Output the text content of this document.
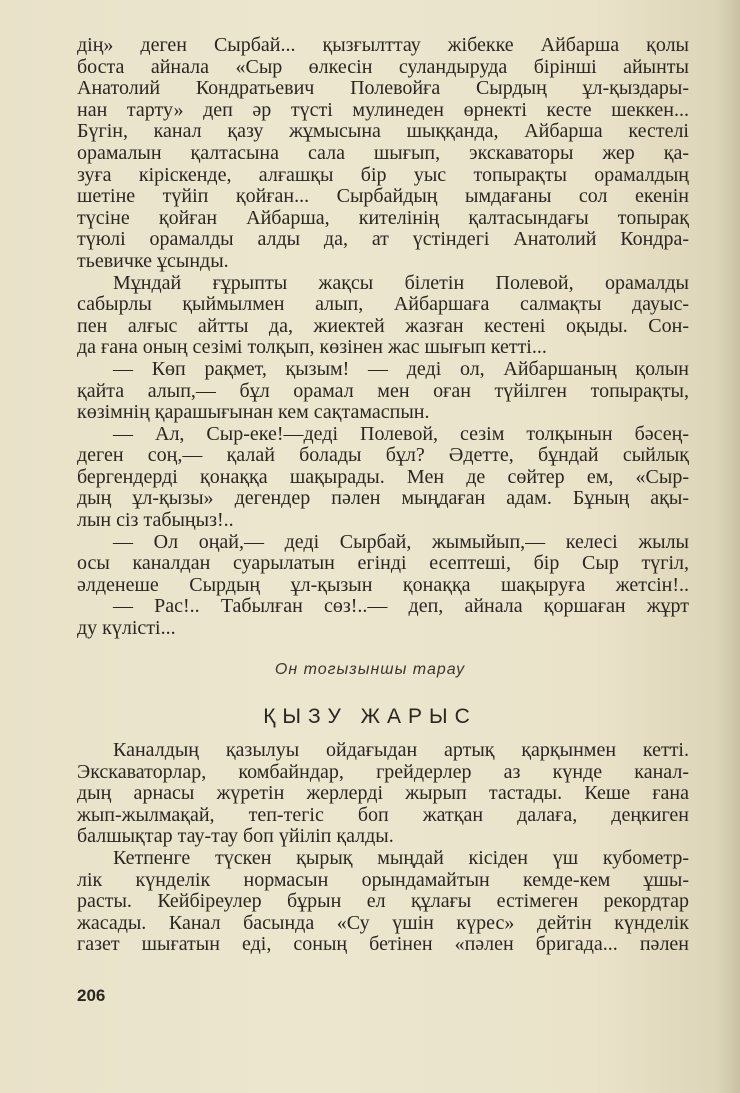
дің» деген Сырбай... қызғылттау жібекке Айбарша қолы
боста айнала «Сыр өлкесін суландыруда бірінші айынты
Анатолий Кондратьевич Полевойға Сырдың ұл-қыздары-
нан тарту» деп әр түсті мулинеден өрнекті кесте шеккен...
Бүгін, канал қазу жұмысына шыққанда, Айбарша кестелі
орамалын қалтасына сала шығып, экскаваторы жер қа-
зуға кірiскенде, алғашқы бір уыс топырақты орамалдың
шетіне түйіп қойған... Сырбайдың ымдағаны сол екенін
түсіне қойған Айбарша, кителінің қалтасындағы топырақ
түюлі орамалды алды да, ат үстіндегі Анатолий Кондра-
тьевичке ұсынды.
Мұндай ғұрыпты жақсы білетін Полевой, орамалды
сабырлы қыймылмен алып, Айбаршаға салмақты дауыс-
пен алғыс айтты да, жиектей жазған кестені оқыды. Сон-
да ғана оның сезімі толқып, көзінен жас шығып кетті...
— Көп рақмет, қызым! — деді ол, Айбаршаның қолын
қайта алып,— бұл орамал мен оған түйілген топырақты,
көзімнің қарашығынан кем сақтамаспын.
— Ал, Сыр-еке!—деді Полевой, сезім толқынын бәсең-
деген соң,— қалай болады бұл? Әдетте, бұндай сыйлық
бергендерді қонаққа шақырады. Мен де сөйтер ем, «Сыр-
дың ұл-қызы» дегендер пәлен мыңдаған адам. Бұның ақы-
лын сіз табыңыз!..
— Ол оңай,— деді Сырбай, жымыйып,— келесі жылы
осы каналдан суарылатын егінді есептеші, бір Сыр түгіл,
әлденеше Сырдың ұл-қызын қонаққа шақыруға жетсін!..
— Рас!.. Табылған сөз!..— деп, айнала қоршаған жұрт
ду күлісті...
Он тогызыншы тарау
ҚЫЗУ ЖАРЫС
Каналдың қазылуы ойдағыдан артық қарқынмен кетті.
Экскаваторлар, комбайндар, грейдерлер аз күнде канал-
дың арнасы жүретін жерлерді жырып тастады. Кеше ғана
жып-жылмақай, теп-тегіс боп жатқан далаға, деңкиген
балшықтар тау-тау боп үйіліп қалды.
Кетпенге түскен қырық мыңдай кісіден үш кубометр-
лік күнделік нормасын орындамайтын кемде-кем ұшы-
расты. Кейбіреулер бұрын ел құлағы естімеген рекордтар
жасады. Канал басында «Су үшін күрес» дейтін күнделік
газет шығатын еді, соның бетінен «пәлен бригада... пәлен
206
